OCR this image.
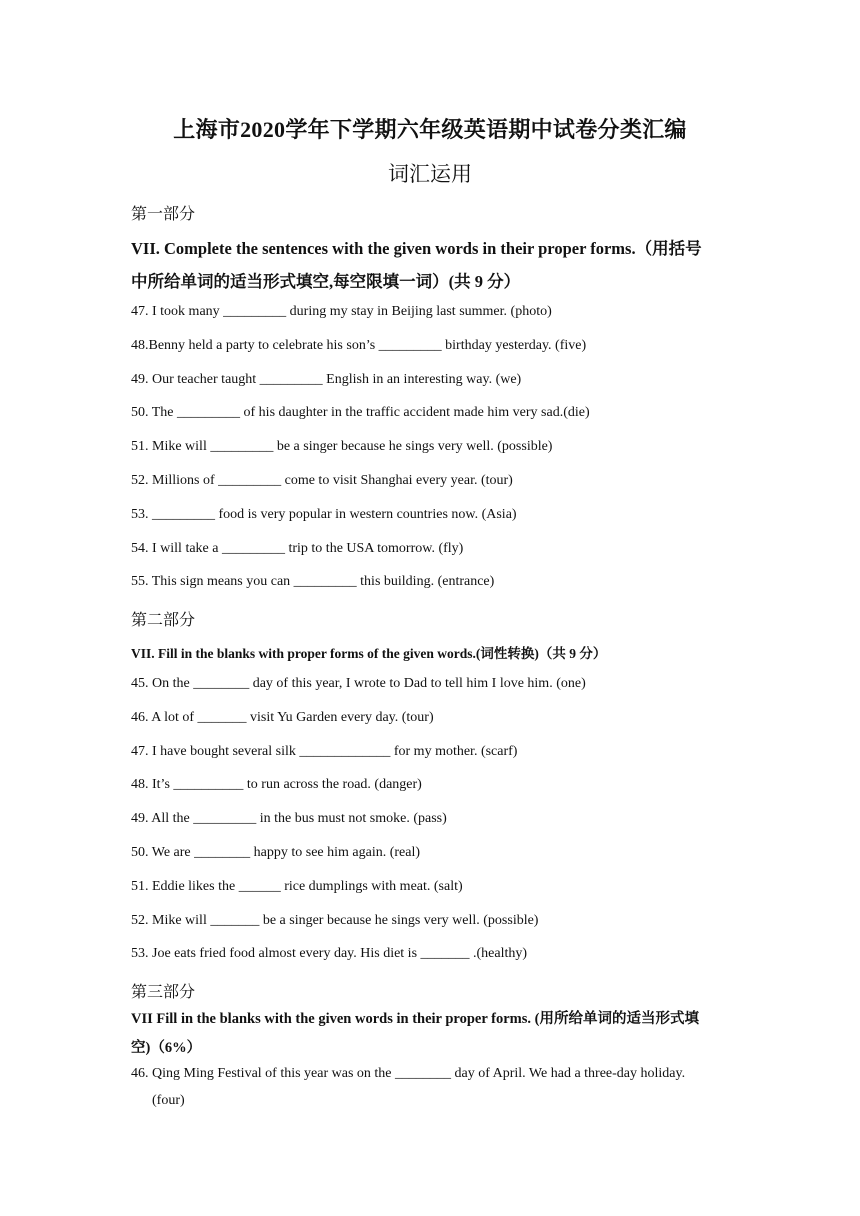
上海市2020学年下学期六年级英语期中试卷分类汇编
词汇运用
第一部分
VII. Complete the sentences with the given words in their proper forms.（用括号
中所给单词的适当形式填空,每空限填一词）(共 9 分）
47. I took many _________ during my stay in Beijing last summer. (photo)
48.Benny held a party to celebrate his son’s _________ birthday yesterday. (five)
49. Our teacher taught _________ English in an interesting way. (we)
50. The _________ of his daughter in the traffic accident made him very sad.(die)
51. Mike will _________ be a singer because he sings very well. (possible)
52. Millions of _________ come to visit Shanghai every year. (tour)
53. _________ food is very popular in western countries now. (Asia)
54. I will take a _________ trip to the USA tomorrow. (fly)
55. This sign means you can _________ this building. (entrance)
第二部分
VII. Fill in the blanks with proper forms of the given words.(词性转换)（共 9 分）
45. On the ________ day of this year, I wrote to Dad to tell him I love him. (one)
46. A lot of _______ visit Yu Garden every day. (tour)
47. I have bought several silk _____________ for my mother. (scarf)
48. It’s __________ to run across the road. (danger)
49. All the _________ in the bus must not smoke. (pass)
50. We are ________ happy to see him again. (real)
51. Eddie likes the ______ rice dumplings with meat. (salt)
52. Mike will _______ be a singer because he sings very well. (possible)
53. Joe eats fried food almost every day. His diet is _______ .(healthy)
第三部分
VII Fill in the blanks with the given words in their proper forms. (用所给单词的适当形式填
空)（6%）
46. Qing Ming Festival of this year was on the ________ day of April. We had a three-day holiday.
(four)
